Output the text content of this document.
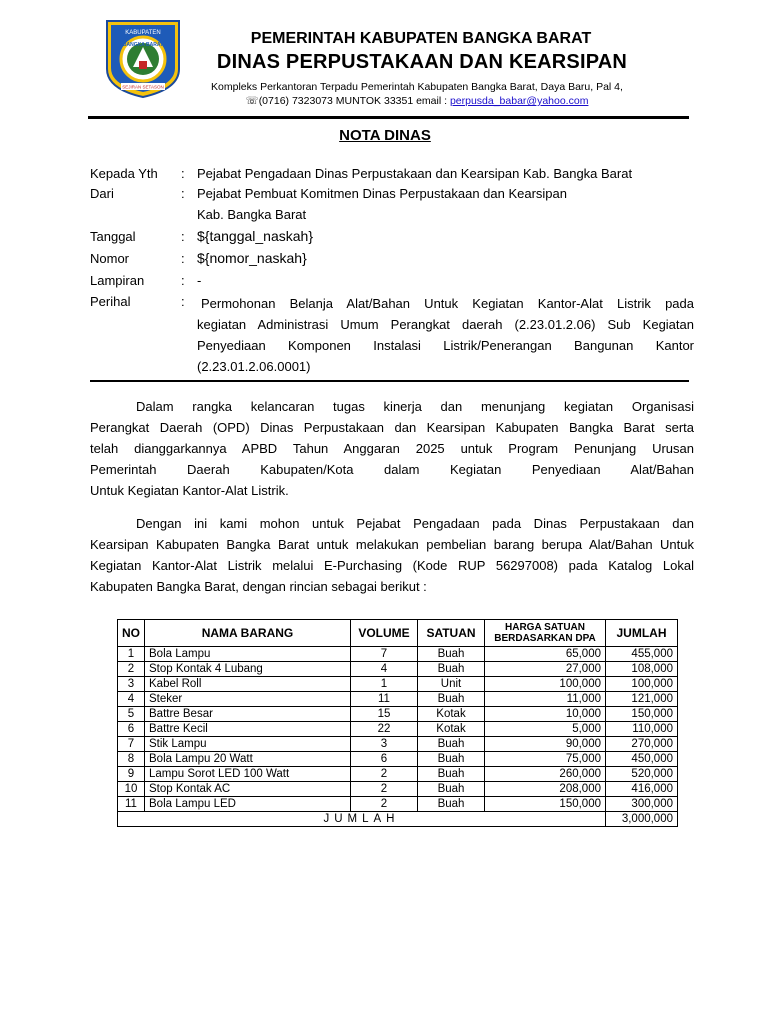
KABUPATEN
BANGKA BARAT
SEJIRAN SETASON
PEMERINTAH KABUPATEN BANGKA BARAT
DINAS PERPUSTAKAAN DAN KEARSIPAN
Kompleks Perkantoran Terpadu Pemerintah Kabupaten Bangka Barat, Daya Baru, Pal 4,
☏(0716) 7323073 MUNTOK 33351 email : perpusda_babar@yahoo.com
NOTA DINAS
Kepada Yth : Pejabat Pengadaan Dinas Perpustakaan dan Kearsipan Kab. Bangka Barat
Dari	: Pejabat Pembuat Komitmen Dinas Perpustakaan dan Kearsipan
Kab. Bangka Barat
Tanggal	: ${tanggal_naskah}
Nomor	: ${nomor_naskah}
Lampiran	: -
Perihal	:	Permohonan Belanja Alat/Bahan Untuk Kegiatan Kantor-Alat Listrik pada

kegiatan Administrasi Umum Perangkat daerah (2.23.01.2.06) Sub Kegiatan

Penyediaan Komponen Instalasi Listrik/Penerangan Bangunan Kantor

(2.23.01.2.06.0001)

Dalam rangka kelancaran tugas kinerja dan menunjang kegiatan Organisasi

Perangkat Daerah (OPD) Dinas Perpustakaan dan Kearsipan Kabupaten Bangka Barat serta

telah dianggarkannya APBD Tahun Anggaran 2025 untuk Program Penunjang Urusan

Pemerintah Daerah Kabupaten/Kota dalam Kegiatan Penyediaan Alat/Bahan

Untuk Kegiatan Kantor-Alat Listrik.

Dengan ini kami mohon untuk Pejabat Pengadaan pada Dinas Perpustakaan dan

Kearsipan Kabupaten Bangka Barat untuk melakukan pembelian barang berupa Alat/Bahan Untuk

Kegiatan Kantor-Alat Listrik melalui E-Purchasing (Kode RUP 56297008) pada Katalog Lokal

Kabupaten Bangka Barat, dengan rincian sebagai berikut :

NO	NAMA BARANG	VOLUME	SATUAN	HARGA SATUAN
BERDASARKAN DPA	JUMLAH
1	Bola Lampu	7	Buah	65,000	455,000
2	Stop Kontak 4 Lubang	4	Buah	27,000	108,000
3	Kabel Roll	1	Unit	100,000	100,000
4	Steker	11	Buah	11,000	121,000
5	Battre Besar	15	Kotak	10,000	150,000
6	Battre Kecil	22	Kotak	5,000	110,000
7	Stik Lampu	3	Buah	90,000	270,000
8	Bola Lampu 20 Watt	6	Buah	75,000	450,000
9	Lampu Sorot LED 100 Watt	2	Buah	260,000	520,000
10	Stop Kontak AC	2	Buah	208,000	416,000
11	Bola Lampu LED	2	Buah	150,000	300,000
JUMLAH					3,000,000
